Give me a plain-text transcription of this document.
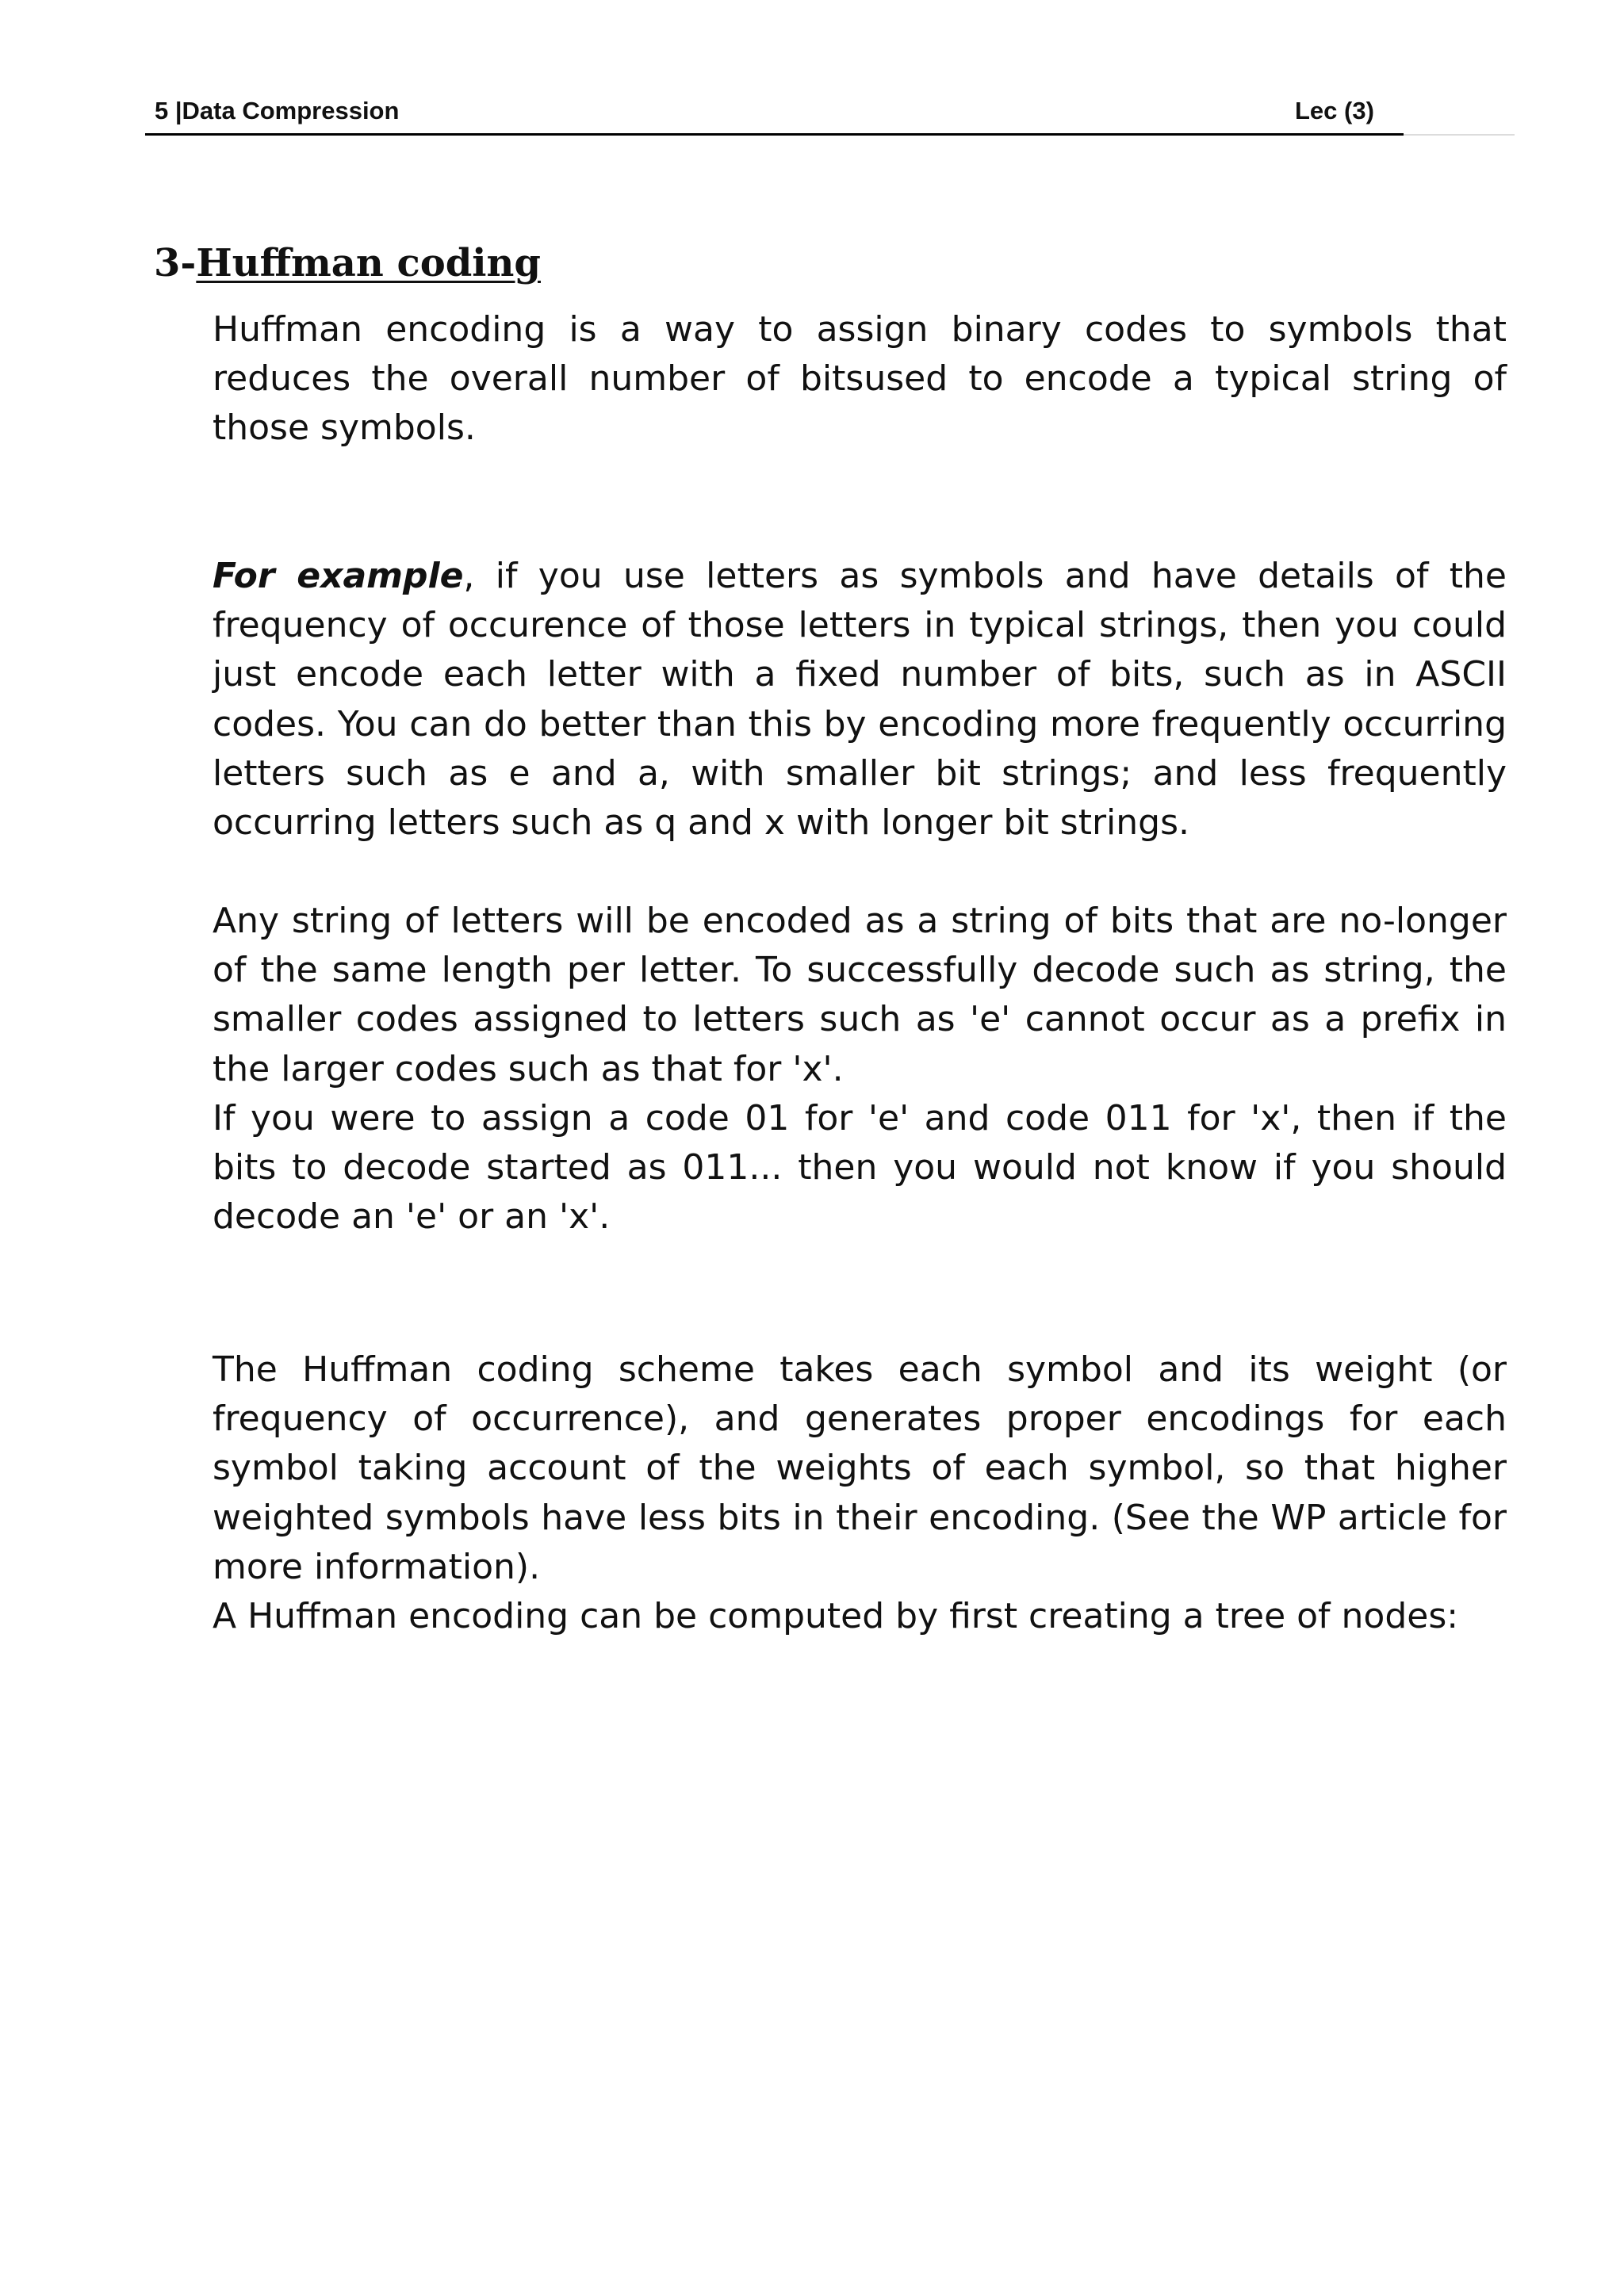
5 |Data Compression	Lec (3)
3-Huffman coding

Huffman encoding is a way to assign binary codes to symbols that reduces the overall number of bitsused to encode a typical string of those symbols.

For example, if you use letters as symbols and have details of the frequency of occurence of those letters in typical strings, then you could just encode each letter with a fixed number of bits, such as in ASCII codes. You can do better than this by encoding more frequently occurring letters such as e and a, with smaller bit strings; and less frequently occurring letters such as q and x with longer bit strings.

Any string of letters will be encoded as a string of bits that are no-longer of the same length per letter. To successfully decode such as string, the smaller codes assigned to letters such as 'e' cannot occur as a prefix in the larger codes such as that for 'x'.

If you were to assign a code 01 for 'e' and code 011 for 'x', then if the bits to decode started as 011... then you would not know if you should decode an 'e' or an 'x'.

The Huffman coding scheme takes each symbol and its weight (or frequency of occurrence), and generates proper encodings for each symbol taking account of the weights of each symbol, so that higher weighted symbols have less bits in their encoding. (See the WP article for more information).

A Huffman encoding can be computed by first creating a tree of nodes:
